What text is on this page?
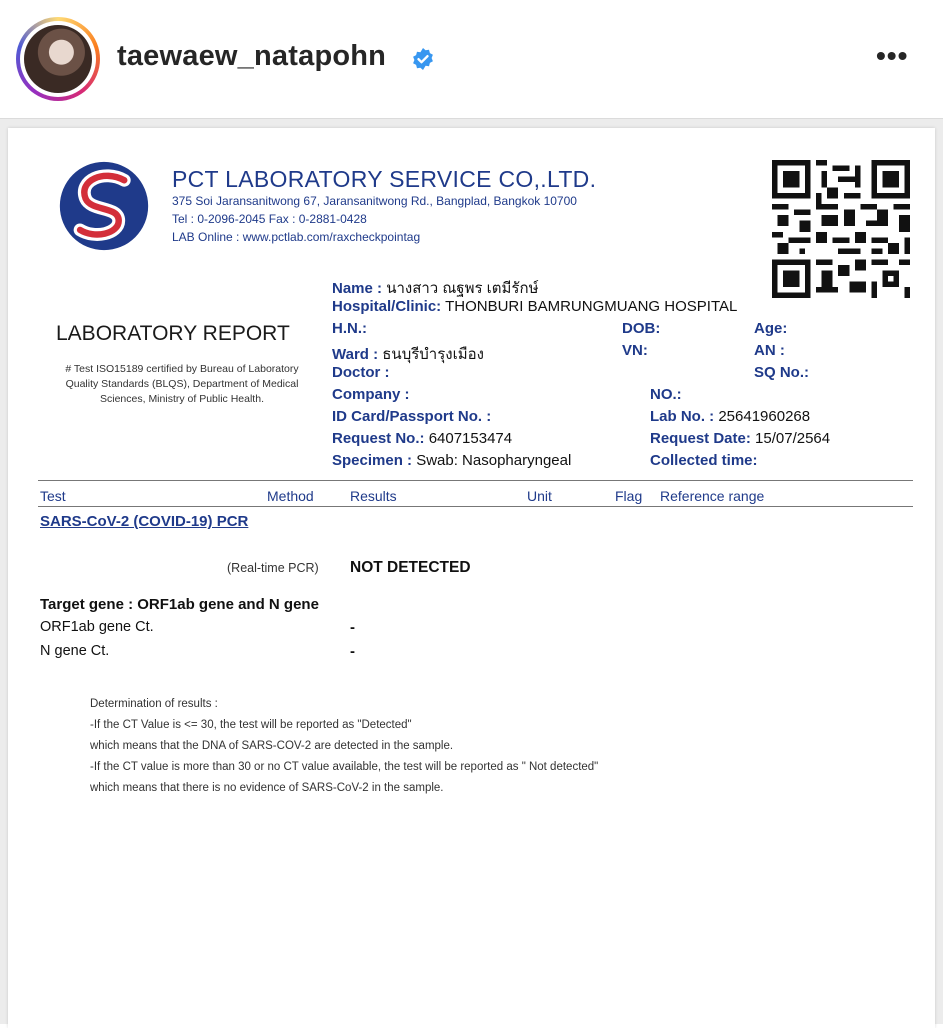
taewaew_natapohn	•••
PCT LABORATORY SERVICE CO,.LTD.
375 Soi Jaransanitwong 67, Jaransanitwong Rd., Bangplad, Bangkok 10700
Tel : 0-2096-2045 Fax : 0-2881-0428
LAB Online : www.pctlab.com/raxcheckpointag
LABORATORY REPORT
# Test ISO15189 certified by Bureau of Laboratory Quality Standards (BLQS), Department of Medical Sciences, Ministry of Public Health.
Name : นางสาว ณฐพร เตมีรักษ์
Hospital/Clinic: THONBURI BAMRUNGMUANG HOSPITAL
H.N.:	DOB:	Age:
Ward : ธนบุรีบำรุงเมือง	VN:	AN :
Doctor :	SQ No.:
Company :	NO.:
ID Card/Passport No. :	Lab No. : 25641960268
Request No.: 6407153474	Request Date: 15/07/2564
Specimen : Swab: Nasopharyngeal	Collected time:
Test	Method	Results	Unit	Flag Reference range
SARS-CoV-2 (COVID-19) PCR
(Real-time PCR) NOT DETECTED
Target gene : ORF1ab gene and N gene
ORF1ab gene Ct.	-
N gene Ct.	-
Determination of results :
-If the CT Value is <= 30, the test will be reported as "Detected"
which means that the DNA of SARS-COV-2 are detected in the sample.
-If the CT value is more than 30 or no CT value available, the test will be reported as " Not detected"
which means that there is no evidence of SARS-CoV-2 in the sample.
